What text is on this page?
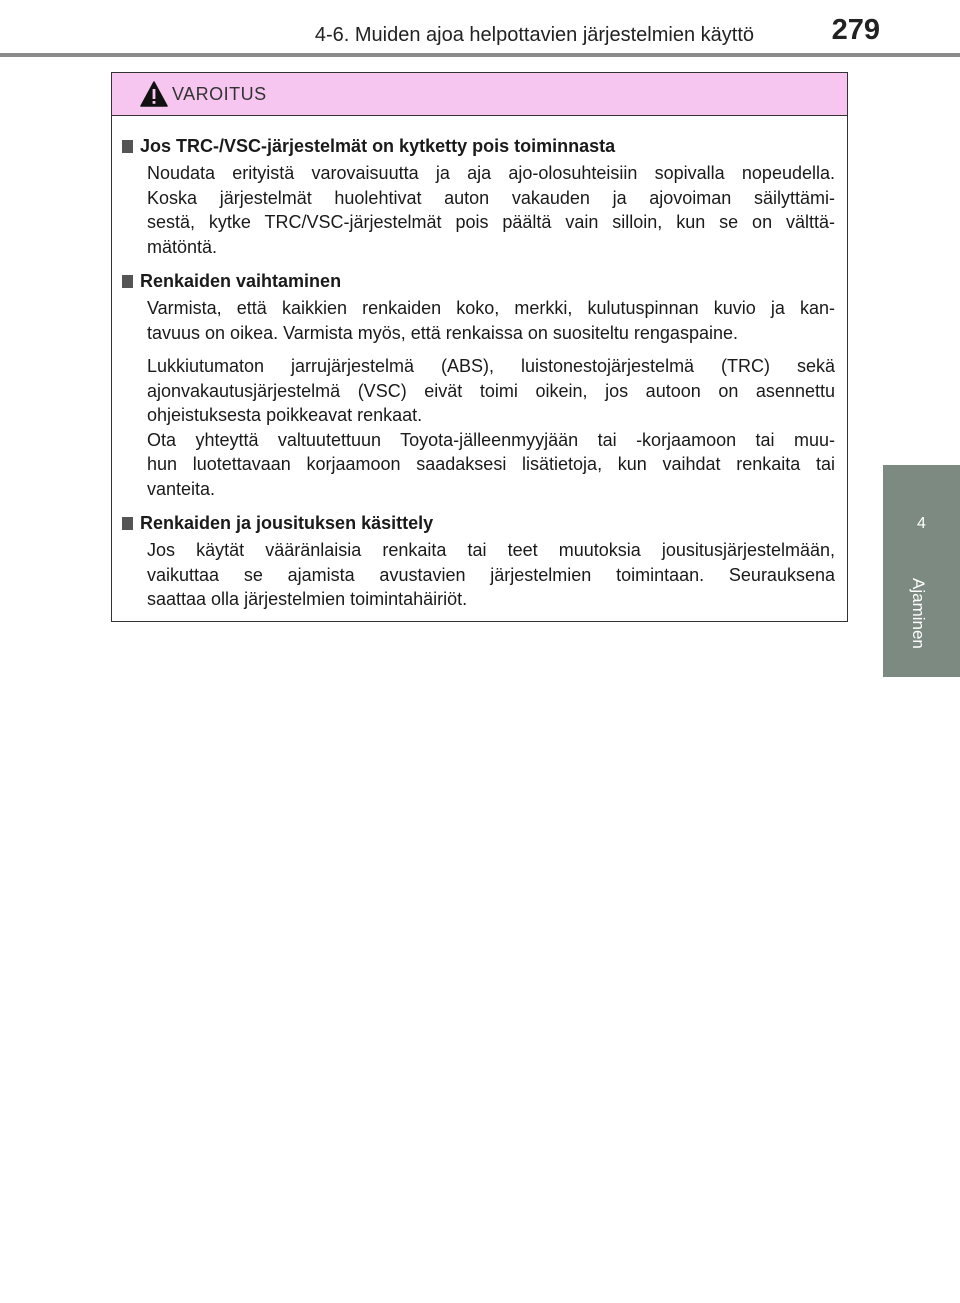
4-6. Muiden ajoa helpottavien järjestelmien käyttö	279
4
Ajaminen
VAROITUS
Jos TRC-/VSC-järjestelmät on kytketty pois toiminnasta
Noudata erityistä varovaisuutta ja aja ajo-olosuhteisiin sopivalla nopeudella.
Koska järjestelmät huolehtivat auton vakauden ja ajovoiman säilyttämi-
sestä, kytke TRC/VSC-järjestelmät pois päältä vain silloin, kun se on välttä-
mätöntä.
Renkaiden vaihtaminen
Varmista, että kaikkien renkaiden koko, merkki, kulutuspinnan kuvio ja kan-
tavuus on oikea. Varmista myös, että renkaissa on suositeltu rengaspaine.
Lukkiutumaton jarrujärjestelmä (ABS), luistonestojärjestelmä (TRC) sekä
ajonvakautusjärjestelmä (VSC) eivät toimi oikein, jos autoon on asennettu
ohjeistuksesta poikkeavat renkaat.
Ota yhteyttä valtuutettuun Toyota-jälleenmyyjään tai -korjaamoon tai muu-
hun luotettavaan korjaamoon saadaksesi lisätietoja, kun vaihdat renkaita tai
vanteita.
Renkaiden ja jousituksen käsittely
Jos käytät vääränlaisia renkaita tai teet muutoksia jousitusjärjestelmään,
vaikuttaa se ajamista avustavien järjestelmien toimintaan. Seurauksena
saattaa olla järjestelmien toimintahäiriöt.
